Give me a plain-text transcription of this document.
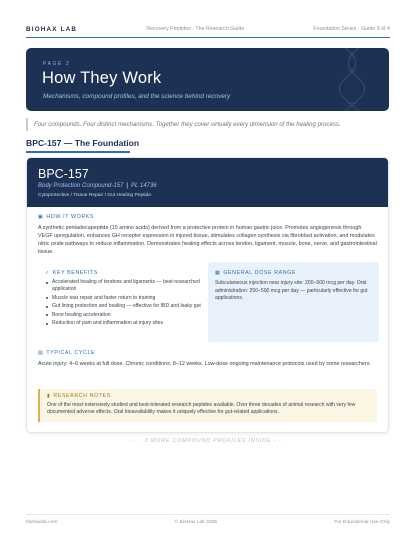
BIOHAX LAB	Recovery Peptides · The Research Guide	Foundation Series · Guide 3 of 4
PAGE 2
How They Work
Mechanisms, compound profiles, and the science behind recovery
Four compounds. Four distinct mechanisms. Together they cover virtually every dimension of the healing process.
BPC-157 — The Foundation
BPC-157
Body Protection Compound-157 | PL 14736
Cytoprotective / Tissue Repair / Gut Healing Peptide
▣ HOW IT WORKS
A synthetic pentadecapeptide (15 amino acids) derived from a protective protein in human gastric juice. Promotes angiogenesis through VEGF upregulation, enhances GH receptor expression in injured tissue, stimulates collagen synthesis via fibroblast activation, and modulates nitric oxide pathways to reduce inflammation. Demonstrates healing effects across tendon, ligament, muscle, bone, nerve, and gastrointestinal tissue.
✓ KEY BENEFITS
Accelerated healing of tendons and ligaments — best-researched application
Muscle tear repair and faster return to training
Gut lining protection and healing — effective for IBD and leaky gut
Bone healing acceleration
Reduction of pain and inflammation at injury sites
▦ GENERAL DOSE RANGE
Subcutaneous injection near injury site: 200–500 mcg per day. Oral administration: 250–500 mcg per day — particularly effective for gut applications.
▤ TYPICAL CYCLE
Acute injury: 4–6 weeks at full dose. Chronic conditions: 8–12 weeks. Low-dose ongoing maintenance protocols used by some researchers.
▮ RESEARCH NOTES
One of the most extensively studied and best-tolerated research peptides available. Over three decades of animal research with very few documented adverse effects. Oral bioavailability makes it uniquely effective for gut-related applications.
· · · 3 MORE COMPOUND PROFILES INSIDE · · ·
biohaxlab.com	© BioHax Lab 2025	For Educational Use Only
